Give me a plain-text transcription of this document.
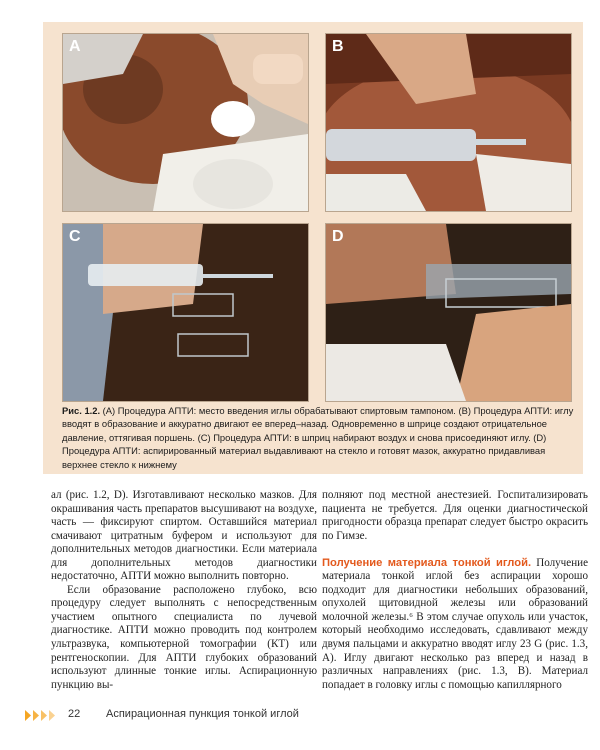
A	B
C	D
Рис. 1.2. (A) Процедура АПТИ: место введения иглы обрабатывают спиртовым тампоном. (B) Процедура АПТИ: иглу вводят в образование и аккуратно двигают ее вперед–назад. Одновременно в шприце создают отрицательное давление, оттягивая поршень. (C) Процедура АПТИ: в шприц набирают воздух и снова присоединяют иглу. (D) Процедура АПТИ: аспирированный материал выдавливают на стекло и готовят мазок, аккуратно придавливая верхнее стекло к нижнему

ал (рис. 1.2, D). Изготавливают несколько мазков. Для окрашивания часть препаратов высушивают на воздухе, часть — фиксируют спиртом. Оставшийся материал смачивают цитратным буфером и используют для дополнительных методов диагностики. Если материала для дополнительных методов диагностики недостаточно, АПТИ можно выполнить повторно.

Если образование расположено глубоко, всю процедуру следует выполнять с непосредственным участием опытного специалиста по лучевой диагностике. АПТИ можно проводить под контролем ультразвука, компьютерной томографии (КТ) или рентгеноскопии. Для АПТИ глубоких образований используют длинные тонкие иглы. Аспирационную пункцию вы-

полняют под местной анестезией. Госпитализировать пациента не требуется. Для оценки диагностической пригодности образца препарат следует быстро окрасить по Гимзе.

Получение материала тонкой иглой. Получение материала тонкой иглой без аспирации хорошо подходит для диагностики небольших образований, опухолей щитовидной железы или образований молочной железы.⁶ В этом случае опухоль или участок, который необходимо исследовать, сдавливают между двумя пальцами и аккуратно вводят иглу 23 G (рис. 1.3, A). Иглу двигают несколько раз вперед и назад в различных направлениях (рис. 1.3, B). Материал попадает в головку иглы с помощью капиллярного

22 Аспирационная пункция тонкой иглой
